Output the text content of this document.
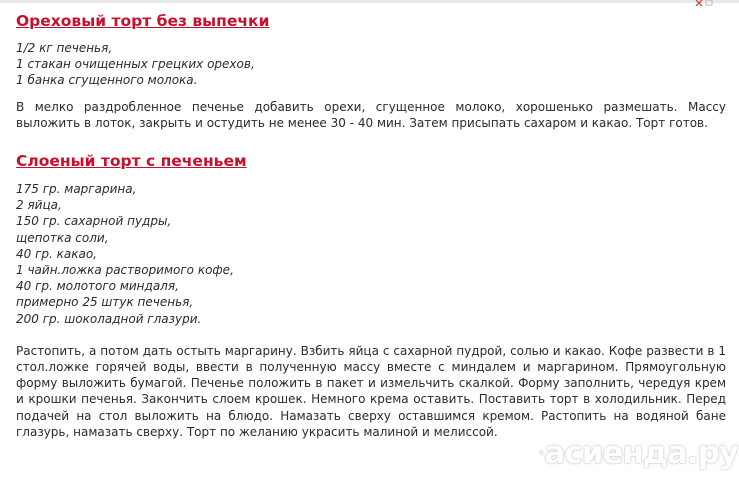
Ореховый торт без выпечки
1/2 кг печенья,
1 стакан очищенных грецких орехов,
1 банка сгущенного молока.

В мелко раздробленное печенье добавить орехи, сгущенное молоко, хорошенько размешать. Массу выложить в лоток, закрыть и остудить не менее 30 - 40 мин. Затем присыпать сахаром и какао. Торт готов.

Слоеный торт с печеньем
175 гр. маргарина,
2 яйца,
150 гр. сахарной пудры,
щепотка соли,
40 гр. какао,
1 чайн.ложка растворимого кофе,
40 гр. молотого миндаля,
примерно 25 штук печенья,
200 гр. шоколадной глазури.

Растопить, а потом дать остыть маргарину. Взбить яйца с сахарной пудрой, солью и какао. Кофе развести в 1 стол.ложке горячей воды, ввести в полученную массу вместе с миндалем и маргарином. Прямоугольную форму выложить бумагой. Печенье положить в пакет и измельчить скалкой. Форму заполнить, чередуя крем и крошки печенья. Закончить слоем крошек. Немного крема оставить. Поставить торт в холодильник. Перед подачей на стол выложить на блюдо. Намазать сверху оставшимся кремом. Растопить на водяной бане глазурь, намазать сверху. Торт по желанию украсить малиной и мелиссой.

асиенда.ру
